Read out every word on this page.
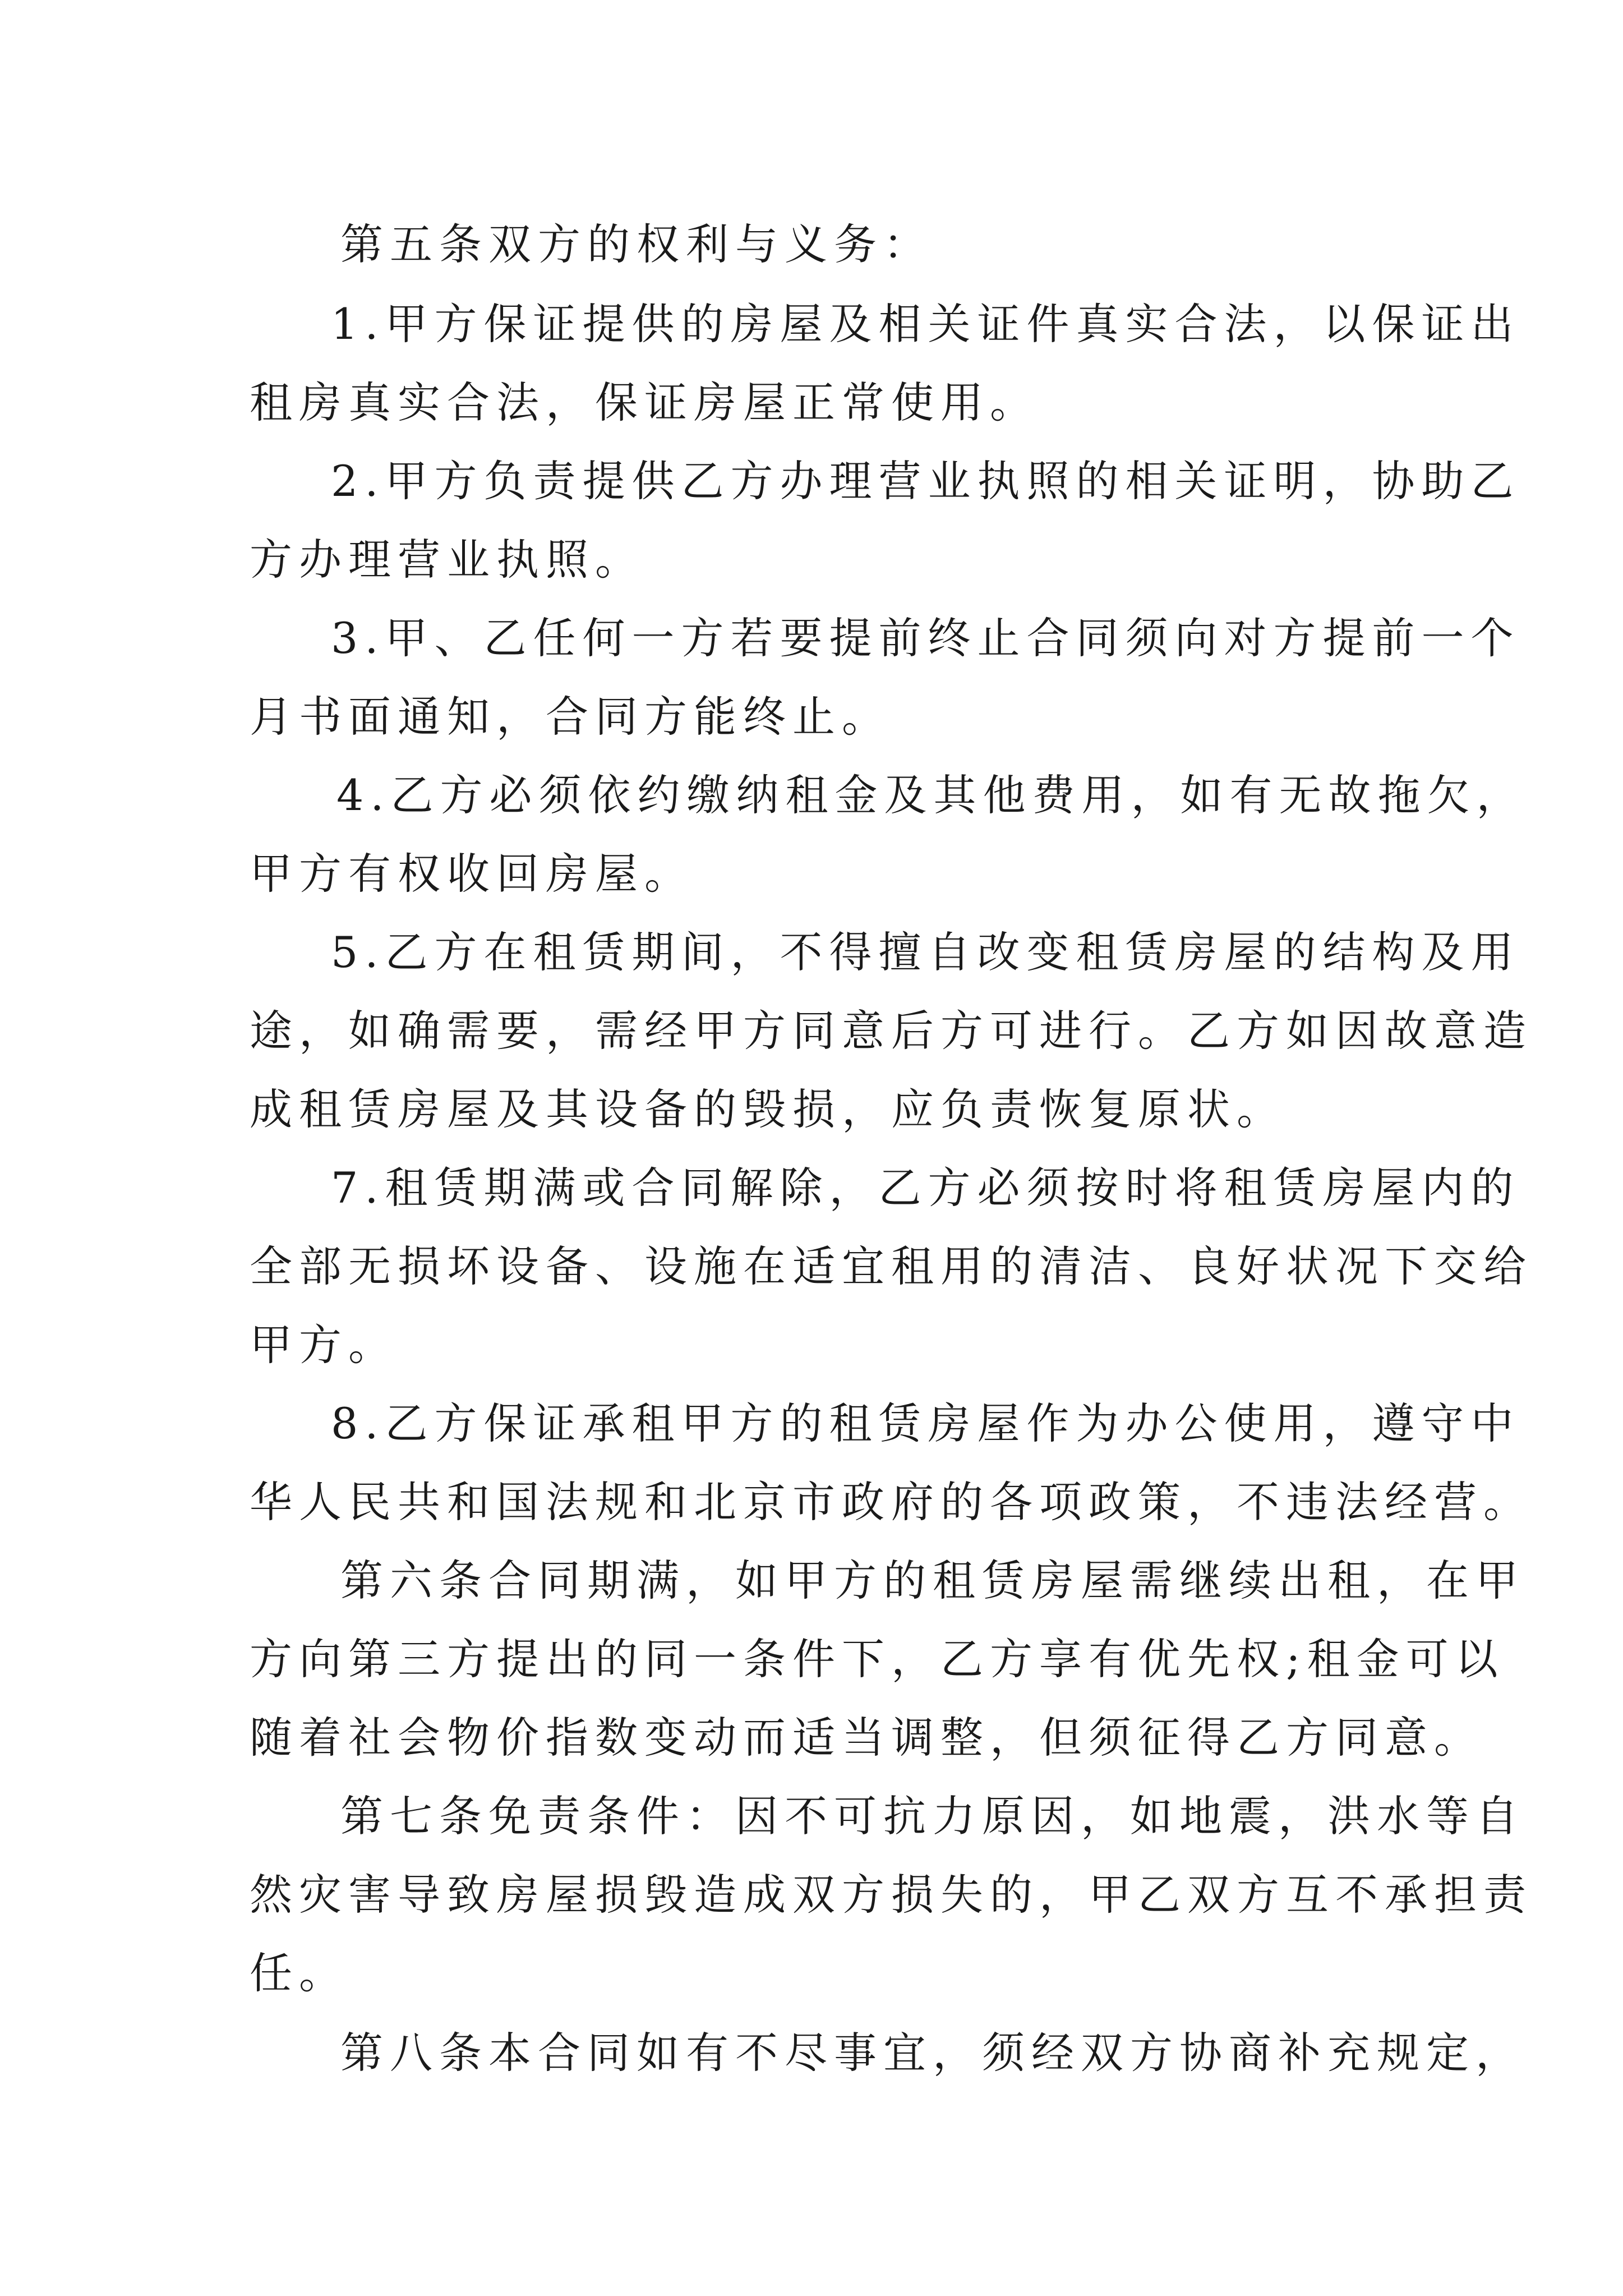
第五条双方的权利与义务：
1.甲方保证提供的房屋及相关证件真实合法，以保证出
租房真实合法，保证房屋正常使用。
2.甲方负责提供乙方办理营业执照的相关证明，协助乙
方办理营业执照。
3.甲、乙任何一方若要提前终止合同须向对方提前一个
月书面通知，合同方能终止。
4.乙方必须依约缴纳租金及其他费用，如有无故拖欠，
甲方有权收回房屋。
5.乙方在租赁期间，不得擅自改变租赁房屋的结构及用
途，如确需要，需经甲方同意后方可进行。乙方如因故意造
成租赁房屋及其设备的毁损，应负责恢复原状。
7.租赁期满或合同解除，乙方必须按时将租赁房屋内的
全部无损坏设备、设施在适宜租用的清洁、良好状况下交给
甲方。
8.乙方保证承租甲方的租赁房屋作为办公使用，遵守中
华人民共和国法规和北京市政府的各项政策，不违法经营。
第六条合同期满，如甲方的租赁房屋需继续出租，在甲
方向第三方提出的同一条件下，乙方享有优先权;租金可以
随着社会物价指数变动而适当调整，但须征得乙方同意。
第七条免责条件：因不可抗力原因，如地震，洪水等自
然灾害导致房屋损毁造成双方损失的，甲乙双方互不承担责
任。
第八条本合同如有不尽事宜，须经双方协商补充规定，
